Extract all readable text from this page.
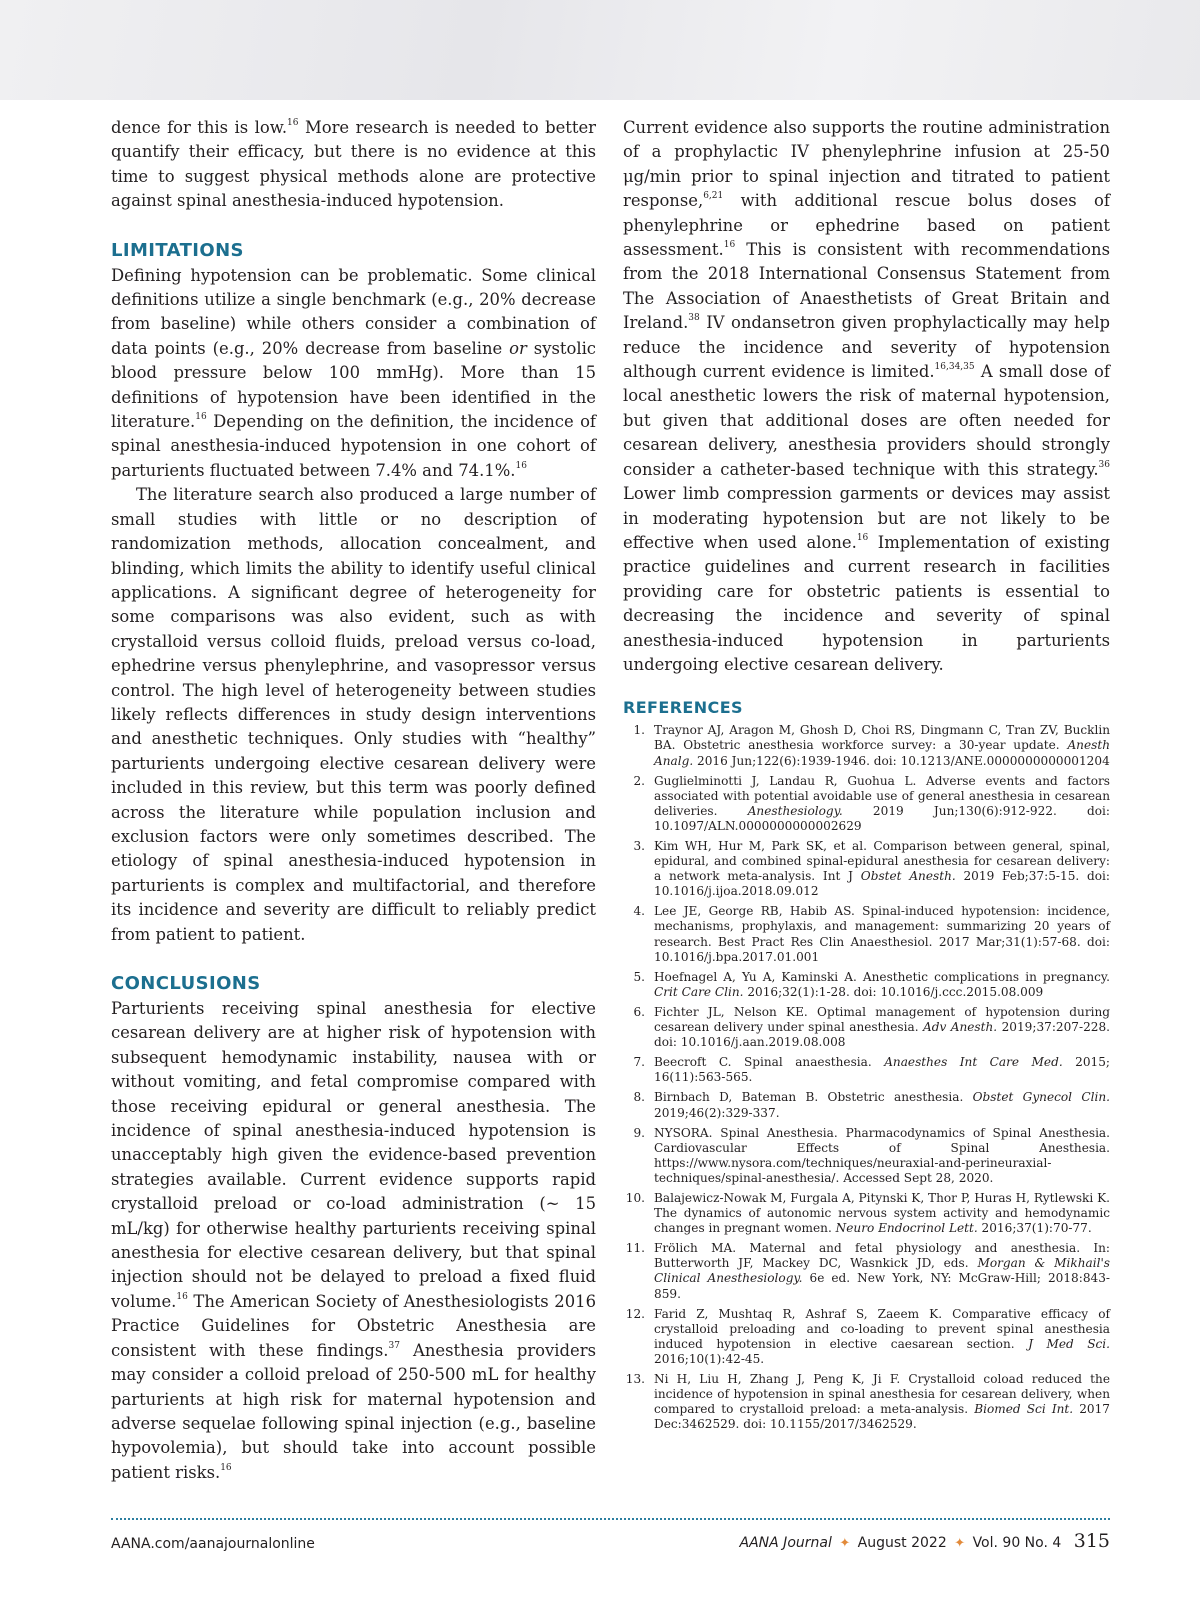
dence for this is low.$^{16}$ More research is needed to better quantify their efficacy, but there is no evidence at this time to suggest physical methods alone are protective against spinal anesthesia-induced hypotension.

LIMITATIONS

Defining hypotension can be problematic. Some clinical definitions utilize a single benchmark (e.g., 20% decrease from baseline) while others consider a combination of data points (e.g., 20% decrease from baseline or systolic blood pressure below 100 mmHg). More than 15 definitions of hypotension have been identified in the literature.$^{16}$ Depending on the definition, the incidence of spinal anesthesia-induced hypotension in one cohort of parturients fluctuated between 7.4% and 74.1%.$^{16}$

The literature search also produced a large number of small studies with little or no description of randomization methods, allocation concealment, and blinding, which limits the ability to identify useful clinical applications. A significant degree of heterogeneity for some comparisons was also evident, such as with crystalloid versus colloid fluids, preload versus co-load, ephedrine versus phenylephrine, and vasopressor versus control. The high level of heterogeneity between studies likely reflects differences in study design interventions and anesthetic techniques. Only studies with “healthy” parturients undergoing elective cesarean delivery were included in this review, but this term was poorly defined across the literature while population inclusion and exclusion factors were only sometimes described. The etiology of spinal anesthesia-induced hypotension in parturients is complex and multifactorial, and therefore its incidence and severity are difficult to reliably predict from patient to patient.

CONCLUSIONS

Parturients receiving spinal anesthesia for elective cesarean delivery are at higher risk of hypotension with subsequent hemodynamic instability, nausea with or without vomiting, and fetal compromise compared with those receiving epidural or general anesthesia. The incidence of spinal anesthesia-induced hypotension is unacceptably high given the evidence-based prevention strategies available. Current evidence supports rapid crystalloid preload or co-load administration (~ 15 mL/kg) for otherwise healthy parturients receiving spinal anesthesia for elective cesarean delivery, but that spinal injection should not be delayed to preload a fixed fluid volume.$^{16}$ The American Society of Anesthesiologists 2016 Practice Guidelines for Obstetric Anesthesia are consistent with these findings.$^{37}$ Anesthesia providers may consider a colloid preload of 250-500 mL for healthy parturients at high risk for maternal hypotension and adverse sequelae following spinal injection (e.g., baseline hypovolemia), but should take into account possible patient risks.$^{16}$

Current evidence also supports the routine administration of a prophylactic IV phenylephrine infusion at 25-50 μg/min prior to spinal injection and titrated to patient response,$^{6,21}$ with additional rescue bolus doses of phenylephrine or ephedrine based on patient assessment.$^{16}$ This is consistent with recommendations from the 2018 International Consensus Statement from The Association of Anaesthetists of Great Britain and Ireland.$^{38}$ IV ondansetron given prophylactically may help reduce the incidence and severity of hypotension although current evidence is limited.$^{16,34,35}$ A small dose of local anesthetic lowers the risk of maternal hypotension, but given that additional doses are often needed for cesarean delivery, anesthesia providers should strongly consider a catheter-based technique with this strategy.$^{36}$ Lower limb compression garments or devices may assist in moderating hypotension but are not likely to be effective when used alone.$^{16}$ Implementation of existing practice guidelines and current research in facilities providing care for obstetric patients is essential to decreasing the incidence and severity of spinal anesthesia-induced hypotension in parturients undergoing elective cesarean delivery.

REFERENCES
1. Traynor AJ, Aragon M, Ghosh D, Choi RS, Dingmann C, Tran ZV, Bucklin BA. Obstetric anesthesia workforce survey: a 30-year update. Anesth Analg. 2016 Jun;122(6):1939-1946. doi: 10.1213/ANE.0000000000001204
2. Guglielminotti J, Landau R, Guohua L. Adverse events and factors associated with potential avoidable use of general anesthesia in cesarean deliveries. Anesthesiology. 2019 Jun;130(6):912-922. doi: 10.1097/ALN.0000000000002629
3. Kim WH, Hur M, Park SK, et al. Comparison between general, spinal, epidural, and combined spinal-epidural anesthesia for cesarean delivery: a network meta-analysis. Int J Obstet Anesth. 2019 Feb;37:5-15. doi: 10.1016/j.ijoa.2018.09.012
4. Lee JE, George RB, Habib AS. Spinal-induced hypotension: incidence, mechanisms, prophylaxis, and management: summarizing 20 years of research. Best Pract Res Clin Anaesthesiol. 2017 Mar;31(1):57-68. doi: 10.1016/j.bpa.2017.01.001
5. Hoefnagel A, Yu A, Kaminski A. Anesthetic complications in pregnancy. Crit Care Clin. 2016;32(1):1-28. doi: 10.1016/j.ccc.2015.08.009
6. Fichter JL, Nelson KE. Optimal management of hypotension during cesarean delivery under spinal anesthesia. Adv Anesth. 2019;37:207-228. doi: 10.1016/j.aan.2019.08.008
7. Beecroft C. Spinal anaesthesia. Anaesthes Int Care Med. 2015; 16(11):563-565.
8. Birnbach D, Bateman B. Obstetric anesthesia. Obstet Gynecol Clin. 2019;46(2):329-337.
9. NYSORA. Spinal Anesthesia. Pharmacodynamics of Spinal Anesthesia. Cardiovascular Effects of Spinal Anesthesia. https://www.nysora.com/techniques/neuraxial-and-perineuraxial-techniques/spinal-anesthesia/. Accessed Sept 28, 2020.
10. Balajewicz-Nowak M, Furgala A, Pitynski K, Thor P, Huras H, Rytlewski K. The dynamics of autonomic nervous system activity and hemodynamic changes in pregnant women. Neuro Endocrinol Lett. 2016;37(1):70-77.
11. Frölich MA. Maternal and fetal physiology and anesthesia. In: Butterworth JF, Mackey DC, Wasnkick JD, eds. Morgan & Mikhail's Clinical Anesthesiology. 6e ed. New York, NY: McGraw-Hill; 2018:843-859.
12. Farid Z, Mushtaq R, Ashraf S, Zaeem K. Comparative efficacy of crystalloid preloading and co-loading to prevent spinal anesthesia induced hypotension in elective caesarean section. J Med Sci. 2016;10(1):42-45.
13. Ni H, Liu H, Zhang J, Peng K, Ji F. Crystalloid coload reduced the incidence of hypotension in spinal anesthesia for cesarean delivery, when compared to crystalloid preload: a meta-analysis. Biomed Sci Int. 2017 Dec:3462529. doi: 10.1155/2017/3462529.
AANA.com/aanajournalonline	AANA Journal ✦ August 2022 ✦ Vol. 90 No. 4 315
